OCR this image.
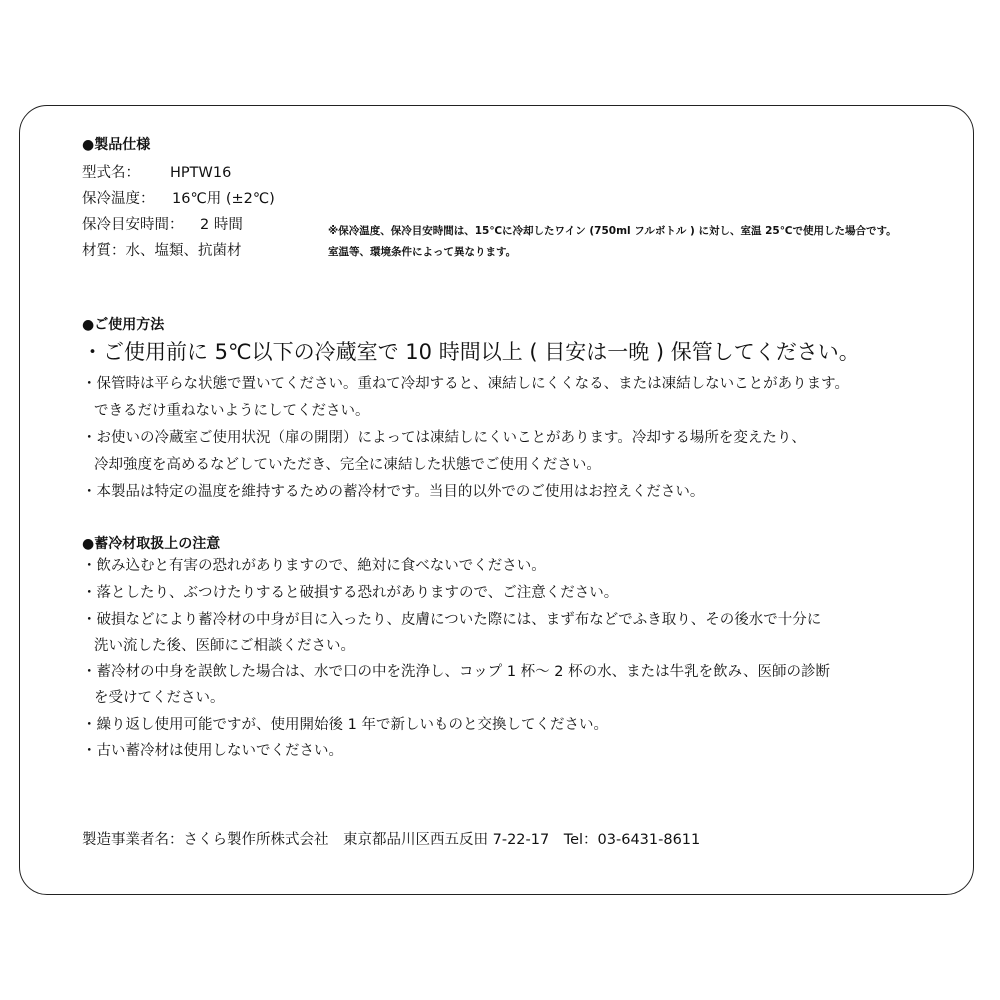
●製品仕様
型式名： HPTW16
保冷温度： 16℃用 (±2℃)
保冷目安時間： 2 時間
材質：水、塩類、抗菌材
※保冷温度、保冷目安時間は、15℃に冷却したワイン (750ml フルボトル ) に対し、室温 25℃で使用した場合です。
室温等、環境条件によって異なります。
●ご使用方法
・ご使用前に 5℃以下の冷蔵室で 10 時間以上 ( 目安は一晩 ) 保管してください。
・保管時は平らな状態で置いてください。重ねて冷却すると、凍結しにくくなる、または凍結しないことがあります。
できるだけ重ねないようにしてください。
・お使いの冷蔵室ご使用状況（扉の開閉）によっては凍結しにくいことがあります。冷却する場所を変えたり、
冷却強度を高めるなどしていただき、完全に凍結した状態でご使用ください。
・本製品は特定の温度を維持するための蓄冷材です。当目的以外でのご使用はお控えください。
●蓄冷材取扱上の注意
・飲み込むと有害の恐れがありますので、絶対に食べないでください。
・落としたり、ぶつけたりすると破損する恐れがありますので、ご注意ください。
・破損などにより蓄冷材の中身が目に入ったり、皮膚についた際には、まず布などでふき取り、その後水で十分に
洗い流した後、医師にご相談ください。
・蓄冷材の中身を誤飲した場合は、水で口の中を洗浄し、コップ 1 杯〜 2 杯の水、または牛乳を飲み、医師の診断
を受けてください。
・繰り返し使用可能ですが、使用開始後 1 年で新しいものと交換してください。
・古い蓄冷材は使用しないでください。
製造事業者名：さくら製作所株式会社　東京都品川区西五反田 7-22-17　Tel：03-6431-8611
